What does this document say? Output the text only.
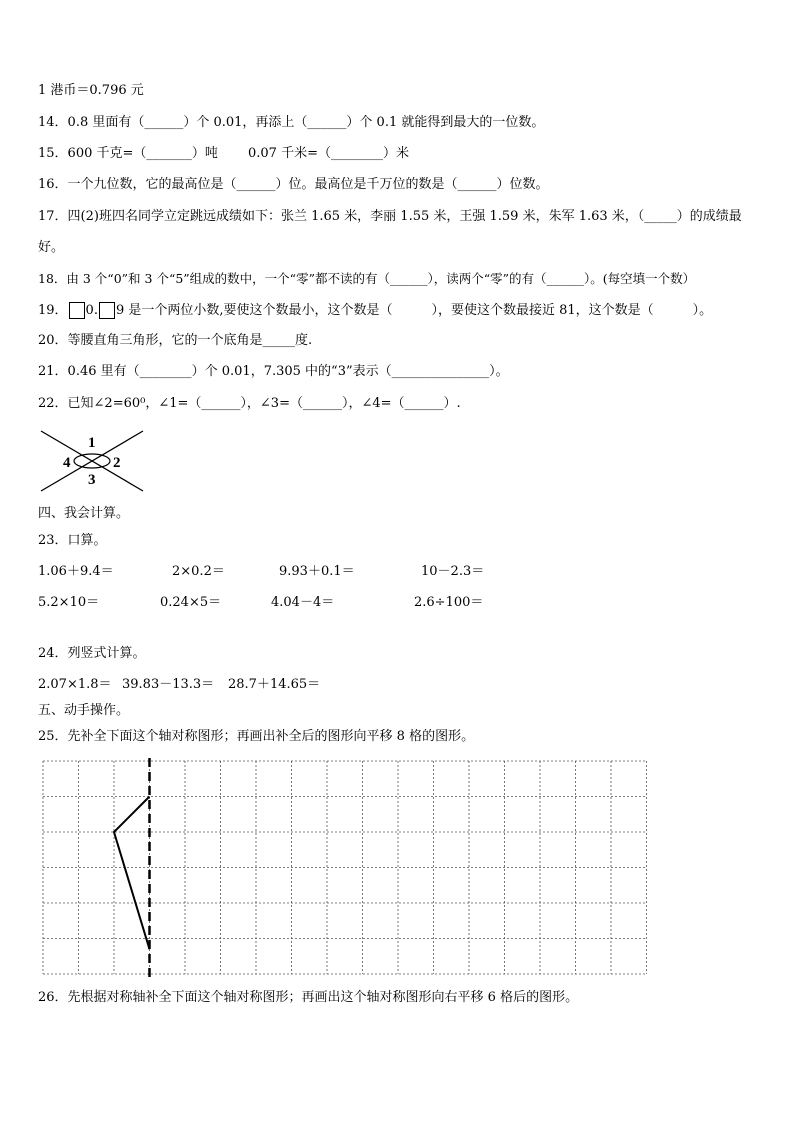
1 港币＝0.796 元
14．0.8 里面有（______）个 0.01，再添上（______）个 0.1 就能得到最大的一位数。
15．600 千克=（_______）吨 0.07 千米=（________）米
16．一个九位数，它的最高位是（______）位。最高位是千万位的数是（______）位数。
17．四(2)班四名同学立定跳远成绩如下：张兰 1.65 米，李丽 1.55 米，王强 1.59 米，朱军 1.63 米，（_____）的成绩最
好。
18．由 3 个“0”和 3 个“5”组成的数中，一个“零”都不读的有（______），读两个“零”的有（______）。(每空填一个数）
19． 0. 9 是一个两位小数,要使这个数最小，这个数是（　　　），要使这个数最接近 81，这个数是（　　　）。
20．等腰直角三角形，它的一个底角是_____度.
21．0.46 里有（________）个 0.01，7.305 中的“3”表示（_______________）。
22．已知∠2=60⁰，∠1=（______），∠3=（______），∠4=（______）.
1
4	2
3
四、我会计算。
23．口算。
1.06＋9.4＝	2×0.2＝	9.93＋0.1＝	10－2.3＝
5.2×10＝	0.24×5＝	4.04－4＝	2.6÷100＝
24．列竖式计算。
2.07×1.8＝ 39.83－13.3＝ 28.7＋14.65＝
五、动手操作。
25．先补全下面这个轴对称图形；再画出补全后的图形向平移 8 格的图形。
26．先根据对称轴补全下面这个轴对称图形；再画出这个轴对称图形向右平移 6 格后的图形。
